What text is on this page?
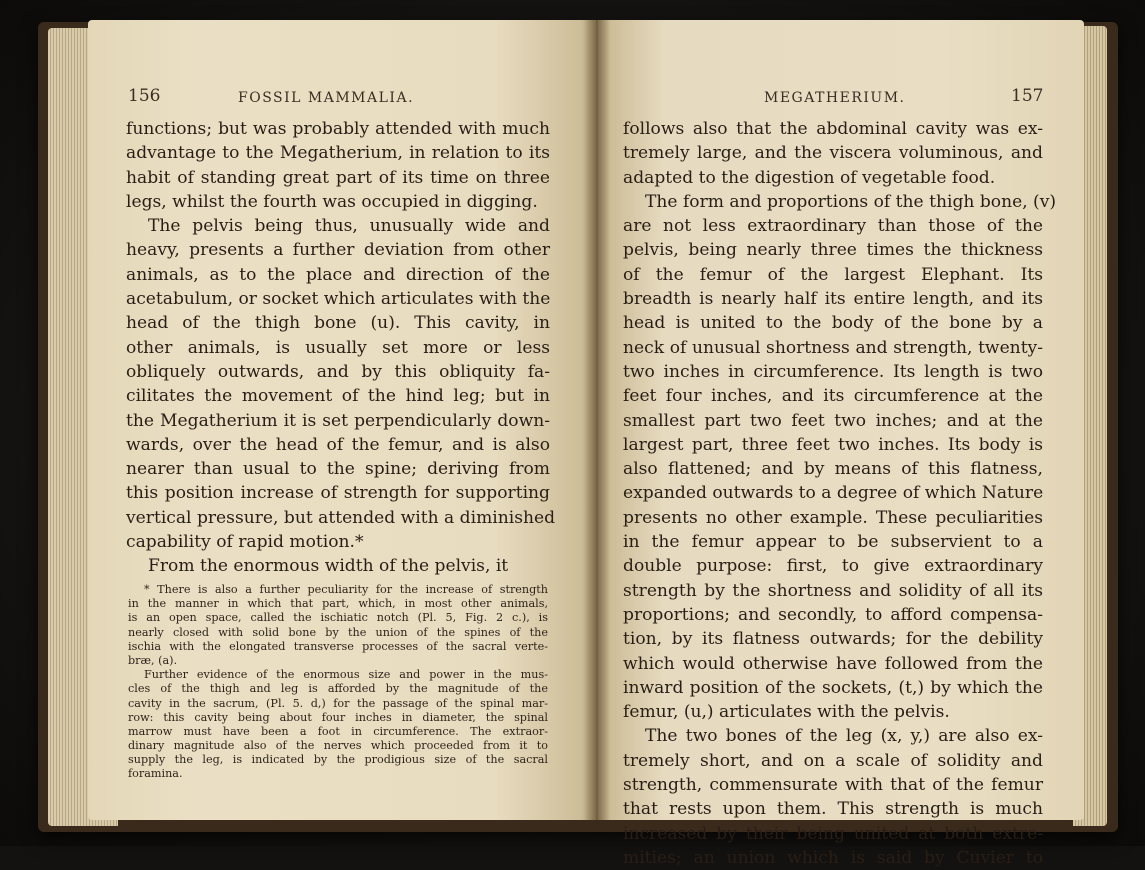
156	FOSSIL MAMMALIA.
functions; but was probably attended with much
advantage to the Megatherium, in relation to its
habit of standing great part of its time on three
legs, whilst the fourth was occupied in digging.
The pelvis being thus, unusually wide and
heavy, presents a further deviation from other
animals, as to the place and direction of the
acetabulum, or socket which articulates with the
head of the thigh bone (u). This cavity, in
other animals, is usually set more or less
obliquely outwards, and by this obliquity fa-
cilitates the movement of the hind leg; but in
the Megatherium it is set perpendicularly down-
wards, over the head of the femur, and is also
nearer than usual to the spine; deriving from
this position increase of strength for supporting
vertical pressure, but attended with a diminished
capability of rapid motion.*
From the enormous width of the pelvis, it
* There is also a further peculiarity for the increase of strength
in the manner in which that part, which, in most other animals,
is an open space, called the ischiatic notch (Pl. 5, Fig. 2 c.), is
nearly closed with solid bone by the union of the spines of the
ischia with the elongated transverse processes of the sacral verte-
bræ, (a).
Further evidence of the enormous size and power in the mus-
cles of the thigh and leg is afforded by the magnitude of the
cavity in the sacrum, (Pl. 5. d,) for the passage of the spinal mar-
row: this cavity being about four inches in diameter, the spinal
marrow must have been a foot in circumference. The extraor-
dinary magnitude also of the nerves which proceeded from it to
supply the leg, is indicated by the prodigious size of the sacral
foramina.
MEGATHERIUM.	157
follows also that the abdominal cavity was ex-
tremely large, and the viscera voluminous, and
adapted to the digestion of vegetable food.
The form and proportions of the thigh bone, (v)
are not less extraordinary than those of the
pelvis, being nearly three times the thickness
of the femur of the largest Elephant. Its
breadth is nearly half its entire length, and its
head is united to the body of the bone by a
neck of unusual shortness and strength, twenty-
two inches in circumference. Its length is two
feet four inches, and its circumference at the
smallest part two feet two inches; and at the
largest part, three feet two inches. Its body is
also flattened; and by means of this flatness,
expanded outwards to a degree of which Nature
presents no other example. These peculiarities
in the femur appear to be subservient to a
double purpose: first, to give extraordinary
strength by the shortness and solidity of all its
proportions; and secondly, to afford compensa-
tion, by its flatness outwards; for the debility
which would otherwise have followed from the
inward position of the sockets, (t,) by which the
femur, (u,) articulates with the pelvis.
The two bones of the leg (x, y,) are also ex-
tremely short, and on a scale of solidity and
strength, commensurate with that of the femur
that rests upon them. This strength is much
increased by their being united at both extre-
mities; an union which is said by Cuvier to
